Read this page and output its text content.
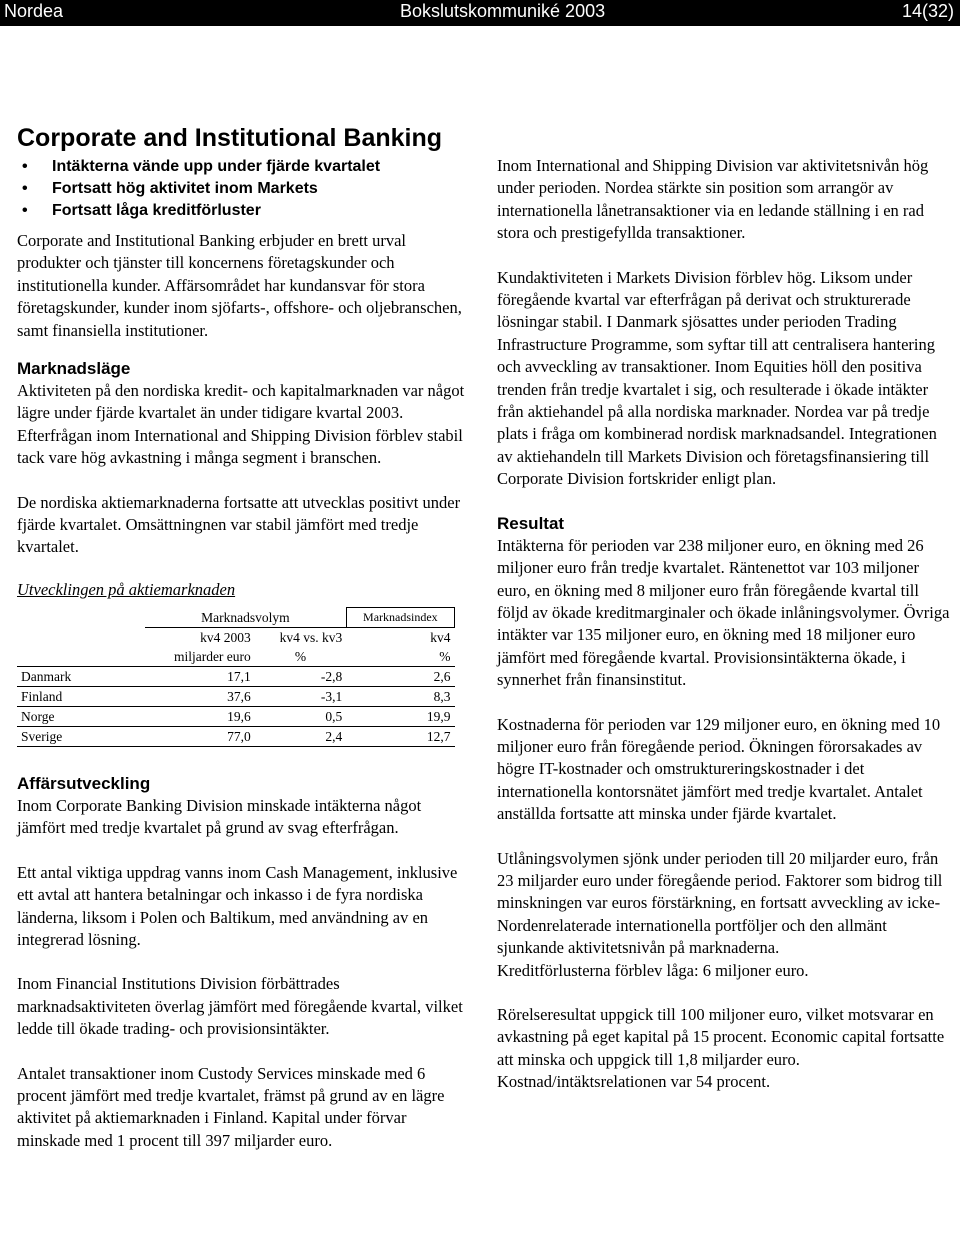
Nordea	Bokslutskommuniké 2003	14(32)
Corporate and Institutional Banking
• Intäkterna vände upp under fjärde kvartalet
• Fortsatt hög aktivitet inom Markets
• Fortsatt låga kreditförluster

Corporate and Institutional Banking erbjuder en brett urval produkter och tjänster till koncernens företagskunder och institutionella kunder. Affärsområdet har kundansvar för stora företagskunder, kunder inom sjöfarts-, offshore- och oljebranschen, samt finansiella institutioner.

Marknadsläge

Aktiviteten på den nordiska kredit- och kapitalmarknaden var något lägre under fjärde kvartalet än under tidigare kvartal 2003. Efterfrågan inom International and Shipping Division förblev stabil tack vare hög avkastning i många segment i branschen.

De nordiska aktiemarknaderna fortsatte att utvecklas positivt under fjärde kvartalet. Omsättningnen var stabil jämfört med tredje kvartalet.

Utvecklingen på aktiemarknaden
	Marknadsvolym		Marknadsindex
	kv4 2003	kv4 vs. kv3	kv4
	miljarder euro	%	%
Danmark	17,1	-2,8	2,6
Finland	37,6	-3,1	8,3
Norge	19,6	0,5	19,9
Sverige	77,0	2,4	12,7
Affärsutveckling

Inom Corporate Banking Division minskade intäkterna något jämfört med tredje kvartalet på grund av svag efterfrågan.

Ett antal viktiga uppdrag vanns inom Cash Management, inklusive ett avtal att hantera betalningar och inkasso i de fyra nordiska länderna, liksom i Polen och Baltikum, med användning av en integrerad lösning.

Inom Financial Institutions Division förbättrades marknadsaktiviteten överlag jämfört med föregående kvartal, vilket ledde till ökade trading- och provisionsintäkter.

Antalet transaktioner inom Custody Services minskade med 6 procent jämfört med tredje kvartalet, främst på grund av en lägre aktivitet på aktiemarknaden i Finland. Kapital under förvar minskade med 1 procent till 397 miljarder euro.

Inom International and Shipping Division var aktivitetsnivån hög under perioden. Nordea stärkte sin position som arrangör av internationella lånetransaktioner via en ledande ställning i en rad stora och prestigefyllda transaktioner.

Kundaktiviteten i Markets Division förblev hög. Liksom under föregående kvartal var efterfrågan på derivat och strukturerade lösningar stabil. I Danmark sjösattes under perioden Trading Infrastructure Programme, som syftar till att centralisera hantering och avveckling av transaktioner. Inom Equities höll den positiva trenden från tredje kvartalet i sig, och resulterade i ökade intäkter från aktiehandel på alla nordiska marknader. Nordea var på tredje plats i fråga om kombinerad nordisk marknadsandel. Integrationen av aktiehandeln till Markets Division och företagsfinansiering till Corporate Division fortskrider enligt plan.

Resultat

Intäkterna för perioden var 238 miljoner euro, en ökning med 26 miljoner euro från tredje kvartalet. Räntenettot var 103 miljoner euro, en ökning med 8 miljoner euro från föregående kvartal till följd av ökade kreditmarginaler och ökade inlåningsvolymer. Övriga intäkter var 135 miljoner euro, en ökning med 18 miljoner euro jämfört med föregående kvartal. Provisionsintäkterna ökade, i synnerhet från finansinstitut.

Kostnaderna för perioden var 129 miljoner euro, en ökning med 10 miljoner euro från föregående period. Ökningen förorsakades av högre IT-kostnader och omstruktureringskostnader i det internationella kontorsnätet jämfört med tredje kvartalet. Antalet anställda fortsatte att minska under fjärde kvartalet.

Utlåningsvolymen sjönk under perioden till 20 miljarder euro, från 23 miljarder euro under föregående period. Faktorer som bidrog till minskningen var euros förstärkning, en fortsatt avveckling av icke-Nordenrelaterade internationella portföljer och den allmänt sjunkande aktivitetsnivån på marknaderna.

Kreditförlusterna förblev låga: 6 miljoner euro.

Rörelseresultat uppgick till 100 miljoner euro, vilket motsvarar en avkastning på eget kapital på 15 procent. Economic capital fortsatte att minska och uppgick till 1,8 miljarder euro. Kostnad/intäktsrelationen var 54 procent.
